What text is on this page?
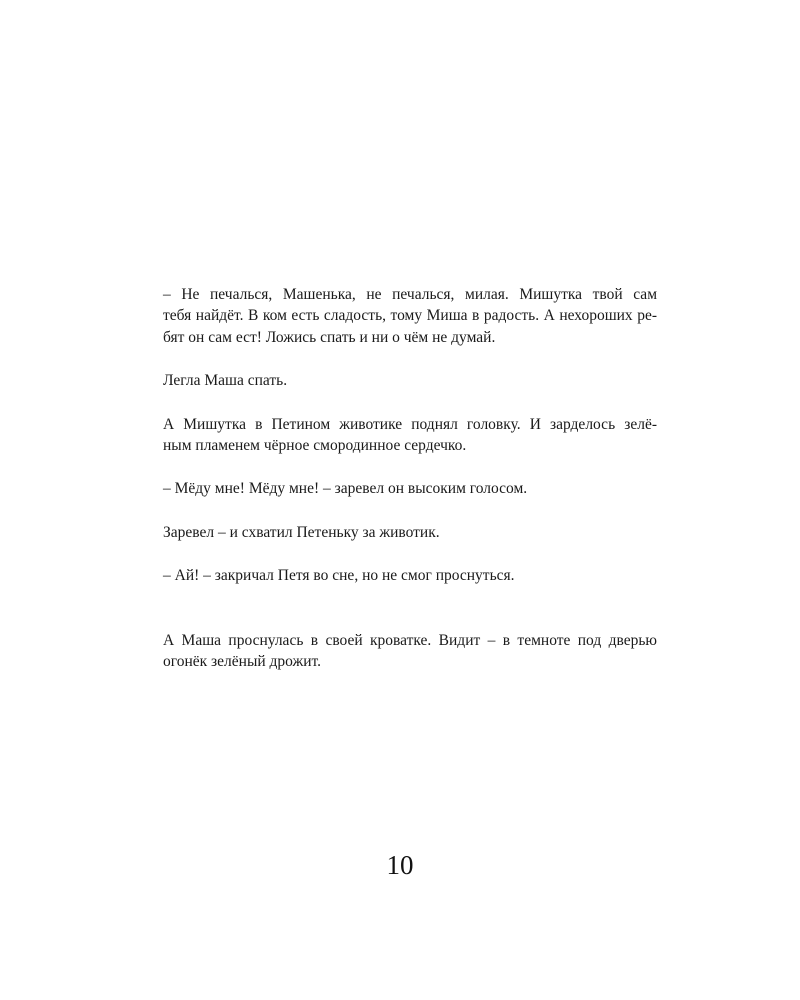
– Не печалься, Машенька, не печалься, милая. Мишутка твой сам
тебя найдёт. В ком есть сладость, тому Миша в радость. А нехороших ре-
бят он сам ест! Ложись спать и ни о чём не думай.

Легла Маша спать.

А Мишутка в Петином животике поднял головку. И зарделось зелё-
ным пламенем чёрное смородинное сердечко.

– Мёду мне! Мёду мне! – заревел он высоким голосом.

Заревел – и схватил Петеньку за животик.

– Ай! – закричал Петя во сне, но не смог проснуться.

А Маша проснулась в своей кроватке. Видит – в темноте под дверью
огонёк зелёный дрожит.

10
